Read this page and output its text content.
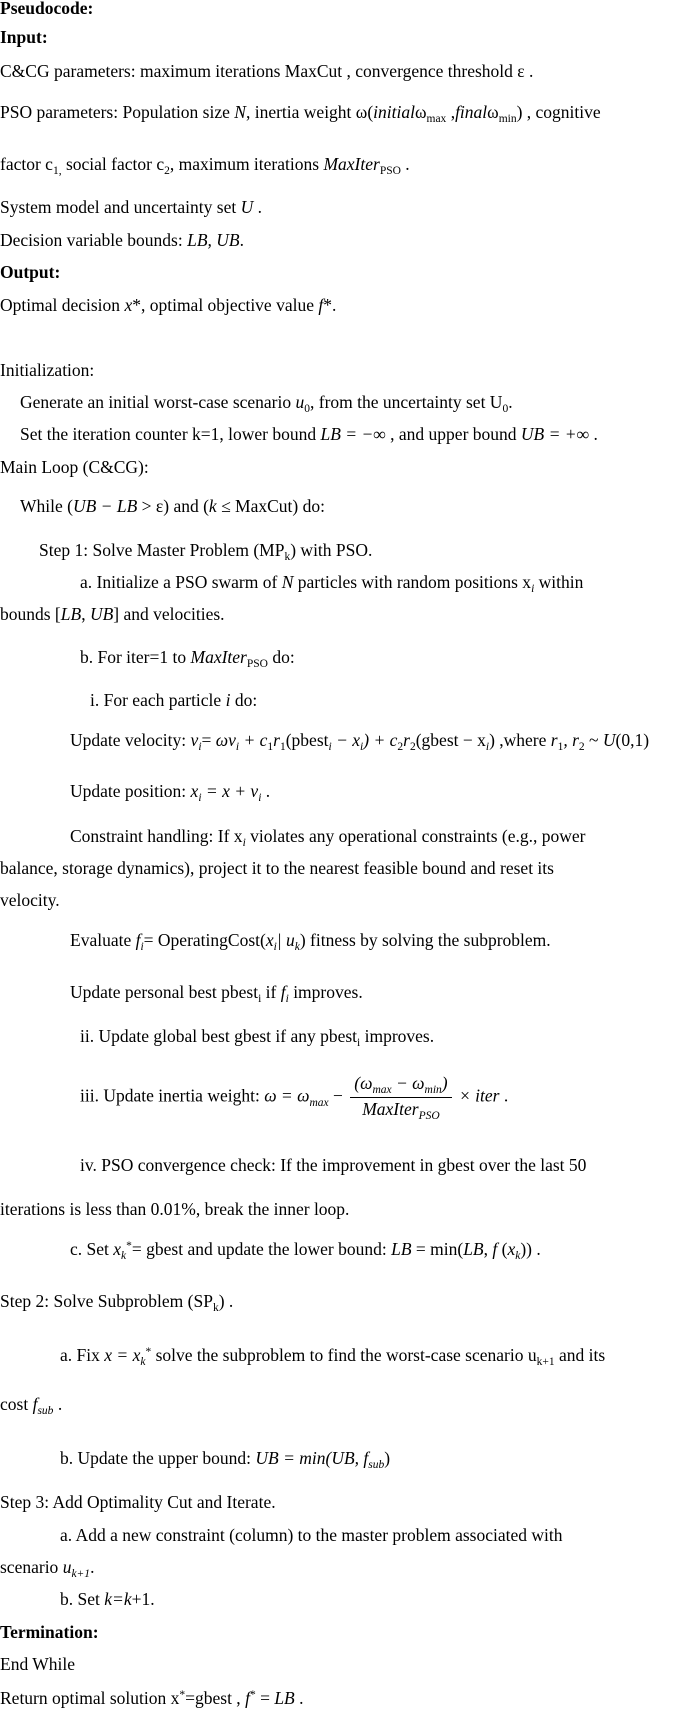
Pseudocode:
Input:
C&CG parameters: maximum iterations MaxCut , convergence threshold ε .
PSO parameters: Population size N, inertia weight ω(initialω$_{max}$ ,finalω$_{min}$) , cognitive
factor $c_{1,}$ social factor $c_2$, maximum iterations MaxIter$_{PSO}$ .
System model and uncertainty set U .
Decision variable bounds: LB, UB.
Output:
Optimal decision x*, optimal objective value f*.
Initialization:
Generate an initial worst-case scenario $u_0$, from the uncertainty set $U_0$.
Set the iteration counter k=1, lower bound LB = −∞ , and upper bound UB = +∞ .
Main Loop (C&CG):
While (UB − LB > ε) and (k ≤ MaxCut) do:
Step 1: Solve Master Problem $(MP_k)$ with PSO.
a. Initialize a PSO swarm of N particles with random positions $x_i$ within
bounds [LB, UB] and velocities.
b. For iter=1 to MaxIter$_{PSO}$ do:
i. For each particle i do:
Update velocity: $v_i= \omega v_i$ + $c_1r_1(pbest_i - x_i)$ + $c_2r_2(gbest - x_i)$ ,where $r_1$, $r_2$ ~ U(0,1)
Update position: $x_i = x + v_i$ .
Constraint handling: If $x_i$ violates any operational constraints (e.g., power
balance, storage dynamics), project it to the nearest feasible bound and reset its
velocity.
Evaluate $f_i=$ $OperatingCost(x_i|$ $u_k$) fitness by solving the subproblem.
Update personal best pbest$_i$ if $f_i$ improves.
ii. Update global best gbest if any pbest$_i$ improves.
iii. Update inertia weight: $\omega = \omega_{max} - \frac{(\omega_{max} - \omega_{min})}{MaxIter_{PSO}}$ × iter .
iv. PSO convergence check: If the improvement in gbest over the last 50
iterations is less than 0.01%, break the inner loop.
c. Set $x_k^*=$ gbest and update the lower bound: LB = min(LB, f $(x_k)$) .
Step 2: Solve Subproblem $(SP_k)$ .
a. Fix $x = x_k^*$ solve the subproblem to find the worst-case scenario $u_{k+1}$ and its
cost $f_{sub}$ .
b. Update the upper bound: UB = min(UB, $f_{sub}$)
Step 3: Add Optimality Cut and Iterate.
a. Add a new constraint (column) to the master problem associated with
scenario $u_{k+1}$.
b. Set k=k+1.
Termination:
End While
Return optimal solution x*=gbest , f* = LB .
